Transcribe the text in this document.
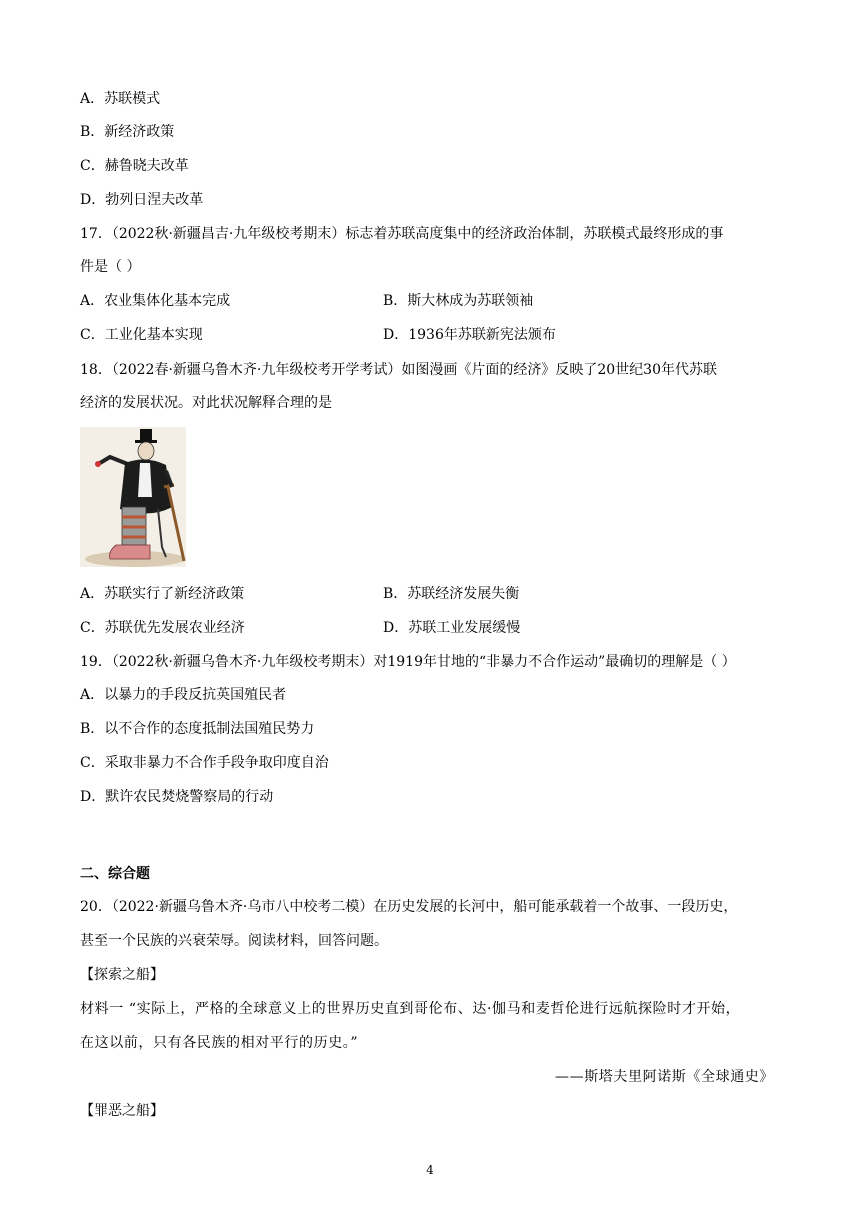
A．苏联模式
B．新经济政策
C．赫鲁晓夫改革
D．勃列日涅夫改革
17．（2022秋·新疆昌吉·九年级校考期末）标志着苏联高度集中的经济政治体制，苏联模式最终形成的事
件是（ ）
A．农业集体化基本完成	B．斯大林成为苏联领袖
C．工业化基本实现	D．1936年苏联新宪法颁布
18．（2022春·新疆乌鲁木齐·九年级校考开学考试）如图漫画《片面的经济》反映了20世纪30年代苏联
经济的发展状况。对此状况解释合理的是
A．苏联实行了新经济政策	B．苏联经济发展失衡
C．苏联优先发展农业经济	D．苏联工业发展缓慢
19．（2022秋·新疆乌鲁木齐·九年级校考期末）对1919年甘地的“非暴力不合作运动”最确切的理解是（ ）
A．以暴力的手段反抗英国殖民者
B．以不合作的态度抵制法国殖民势力
C．采取非暴力不合作手段争取印度自治
D．默许农民焚烧警察局的行动
二、综合题
20．（2022·新疆乌鲁木齐·乌市八中校考二模）在历史发展的长河中，船可能承载着一个故事、一段历史，
甚至一个民族的兴衰荣辱。阅读材料，回答问题。
【探索之船】
材料一 “实际上，严格的全球意义上的世界历史直到哥伦布、达·伽马和麦哲伦进行远航探险时才开始，
在这以前，只有各民族的相对平行的历史。”
——斯塔夫里阿诺斯《全球通史》
【罪恶之船】
4
